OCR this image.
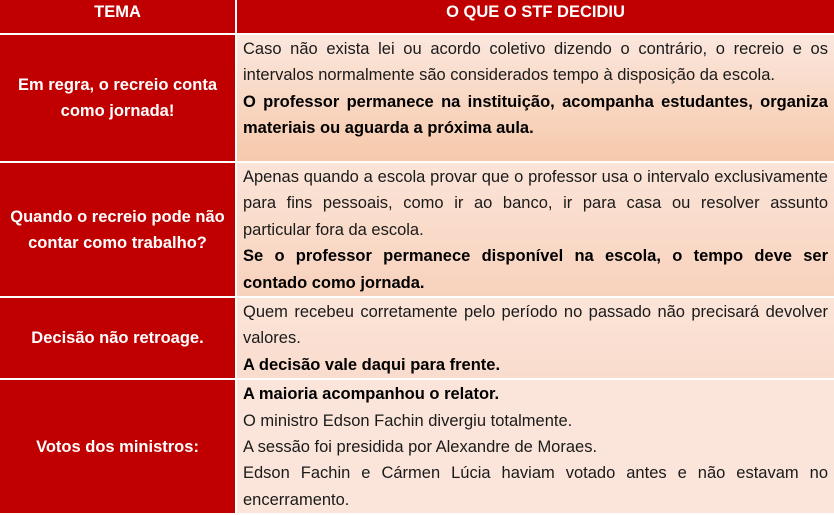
TEMA	O QUE O STF DECIDIU
Em regra, o recreio conta como jornada!	Caso não exista lei ou acordo coletivo dizendo o contrário, o recreio e os intervalos normalmente são considerados tempo à disposição da escola.

O professor permanece na instituição, acompanha estudantes, organiza materiais ou aguarda a próxima aula.

Quando o recreio pode não contar como trabalho?	Apenas quando a escola provar que o professor usa o intervalo exclusivamente para fins pessoais, como ir ao banco, ir para casa ou resolver assunto particular fora da escola.

Se o professor permanece disponível na escola, o tempo deve ser contado como jornada.

Decisão não retroage.	Quem recebeu corretamente pelo período no passado não precisará devolver valores.

A decisão vale daqui para frente.

Votos dos ministros:	A maioria acompanhou o relator.

O ministro Edson Fachin divergiu totalmente.

A sessão foi presidida por Alexandre de Moraes.

Edson Fachin e Cármen Lúcia haviam votado antes e não estavam no encerramento.
